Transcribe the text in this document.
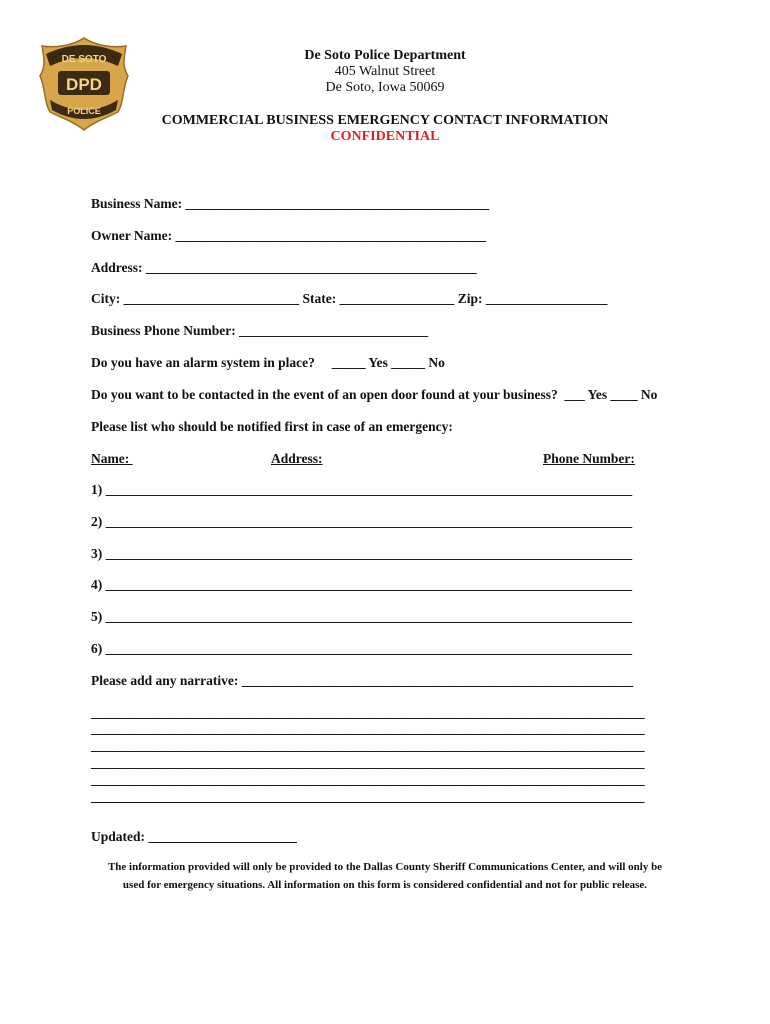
DE SOTO
DPD
POLICE
De Soto Police Department
405 Walnut Street
De Soto, Iowa 50069
COMMERCIAL BUSINESS EMERGENCY CONTACT INFORMATION
CONFIDENTIAL
Business Name: _____________________________________________
Owner Name: ______________________________________________
Address: _________________________________________________
City: __________________________ State: _________________ Zip: __________________
Business Phone Number: ____________________________
Do you have an alarm system in place?     _____ Yes _____ No
Do you want to be contacted in the event of an open door found at your business?  ___ Yes ____ No
Please list who should be notified first in case of an emergency:
Name:	Address:	Phone Number:
1) ______________________________________________________________________________
2) ______________________________________________________________________________
3) ______________________________________________________________________________
4) ______________________________________________________________________________
5) ______________________________________________________________________________
6) ______________________________________________________________________________
Please add any narrative: __________________________________________________________
__________________________________________________________________________________
__________________________________________________________________________________
__________________________________________________________________________________
__________________________________________________________________________________
__________________________________________________________________________________
__________________________________________________________________________________
Updated: ______________________
The information provided will only be provided to the Dallas County Sheriff Communications Center, and will only be
used for emergency situations. All information on this form is considered confidential and not for public release.
